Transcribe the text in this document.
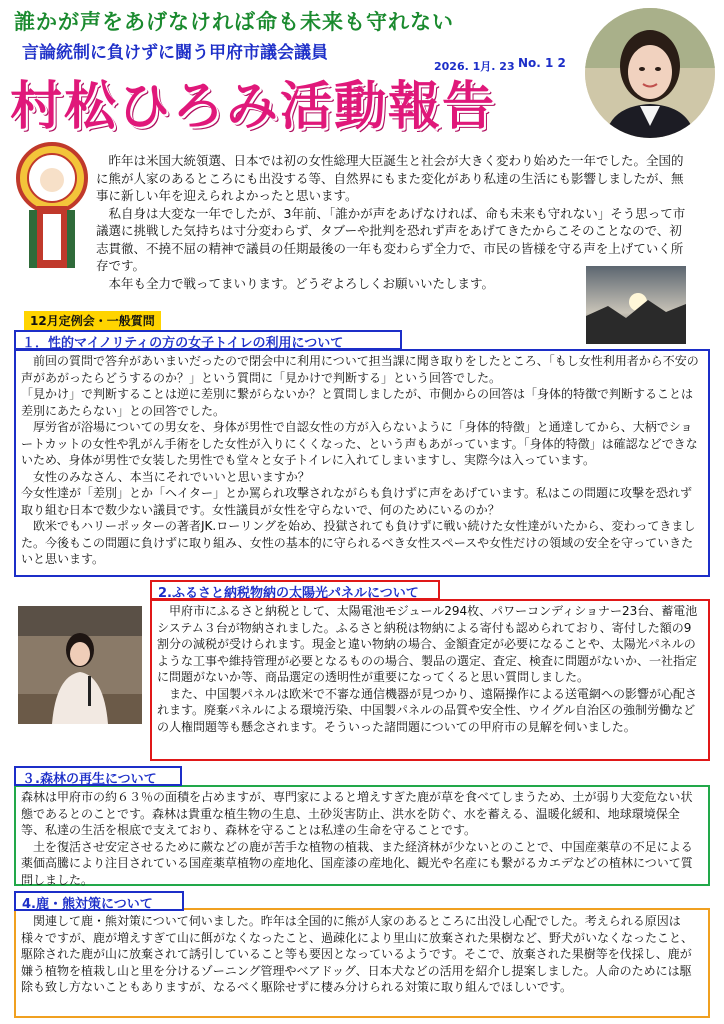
誰かが声をあげなければ命も未来も守れない
言論統制に負けずに闘う甲府市議会議員
2026. 1月. 23 No. 1 2
村松ひろみ活動報告

昨年は米国大統領選、日本では初の女性総理大臣誕生と社会が大きく変わり始めた一年でした。全国的に熊が人家のあるところにも出没する等、自然界にもまた変化があり私達の生活にも影響しましたが、無事に新しい年を迎えられよかったと思います。

私自身は大変な一年でしたが、3年前、「誰かが声をあげなければ、命も未来も守れない」そう思って市議選に挑戦した気持ちは寸分変わらず、タブーや批判を恐れず声をあげてきたからこそのことなので、初志貫徹、不撓不屈の精神で議員の任期最後の一年も変わらず全力で、市民の皆様を守る声を上げていく所存です。

本年も全力で戦ってまいります。どうぞよろしくお願いいたします。

12月定例会・一般質問
１．性的マイノリティの方の女子トイレの利用について

前回の質問で答弁があいまいだったので閉会中に利用について担当課に聞き取りをしたところ、「もし女性利用者から不安の声があがったらどうするのか？」という質問に「見かけで判断する」という回答でした。

「見かけ」で判断することは逆に差別に繋がらないか？と質問しましたが、市側からの回答は「身体的特徴で判断することは差別にあたらない」との回答でした。

厚労省が浴場についての男女を、身体が男性で自認女性の方が入らないように「身体的特徴」と通達してから、大柄でショートカットの女性や乳がん手術をした女性が入りにくくなった、という声もあがっています。「身体的特徴」は確認などできないため、身体が男性で女装した男性でも堂々と女子トイレに入れてしまいますし、実際今は入っています。

女性のみなさん、本当にそれでいいと思いますか？

今女性達が「差別」とか「ヘイター」とか罵られ攻撃されながらも負けずに声をあげています。私はこの問題に攻撃を恐れず取り組む日本で数少ない議員です。女性議員が女性を守らないで、何のためにいるのか？

欧米でもハリーポッターの著者JK.ローリングを始め、投獄されても負けずに戦い続けた女性達がいたから、変わってきました。今後もこの問題に負けずに取り組み、女性の基本的に守られるべき女性スペースや女性だけの領域の安全を守っていきたいと思います。

2.ふるさと納税物納の太陽光パネルについて

甲府市にふるさと納税として、太陽電池モジュール294枚、パワーコンディショナー23台、蓄電池システム３台が物納されました。ふるさと納税は物納による寄付も認められており、寄付した額の9割分の減税が受けられます。現金と違い物納の場合、金額査定が必要になることや、太陽光パネルのような工事や維持管理が必要となるものの場合、製品の選定、査定、検査に問題がないか、一社指定に問題がないか等、商品選定の透明性が重要になってくると思い質問しました。

また、中国製パネルは欧米で不審な通信機器が見つかり、遠隔操作による送電網への影響が心配されます。廃棄パネルによる環境汚染、中国製パネルの品質や安全性、ウイグル自治区の強制労働などの人権問題等も懸念されます。そういった諸問題についての甲府市の見解を伺いました。

３.森林の再生について

森林は甲府市の約６３％の面積を占めますが、専門家によると増えすぎた鹿が草を食べてしまうため、土が弱り大変危ない状態であるとのことです。森林は貴重な植生物の生息、土砂災害防止、洪水を防ぐ、水を蓄える、温暖化緩和、地球環境保全等、私達の生活を根底で支えており、森林を守ることは私達の生命を守ることです。

土を復活させ安定させるために蕨などの鹿が苦手な植物の植栽、また経済林が少ないとのことで、中国産薬草の不足による薬価高騰により注目されている国産薬草植物の産地化、国産漆の産地化、観光や名産にも繋がるカエデなどの植林について質問しました。

4.鹿・熊対策について

関連して鹿・熊対策について伺いました。昨年は全国的に熊が人家のあるところに出没し心配でした。考えられる原因は様々ですが、鹿が増えすぎて山に餌がなくなったこと、過疎化により里山に放棄された果樹など、野犬がいなくなったこと、駆除された鹿が山に放棄されて誘引していること等も要因となっているようです。そこで、放棄された果樹等を伐採し、鹿が嫌う植物を植栽し山と里を分けるゾーニング管理やベアドッグ、日本犬などの活用を紹介し提案しました。人命のためには駆除も致し方ないこともありますが、なるべく駆除せずに棲み分けられる対策に取り組んでほしいです。
